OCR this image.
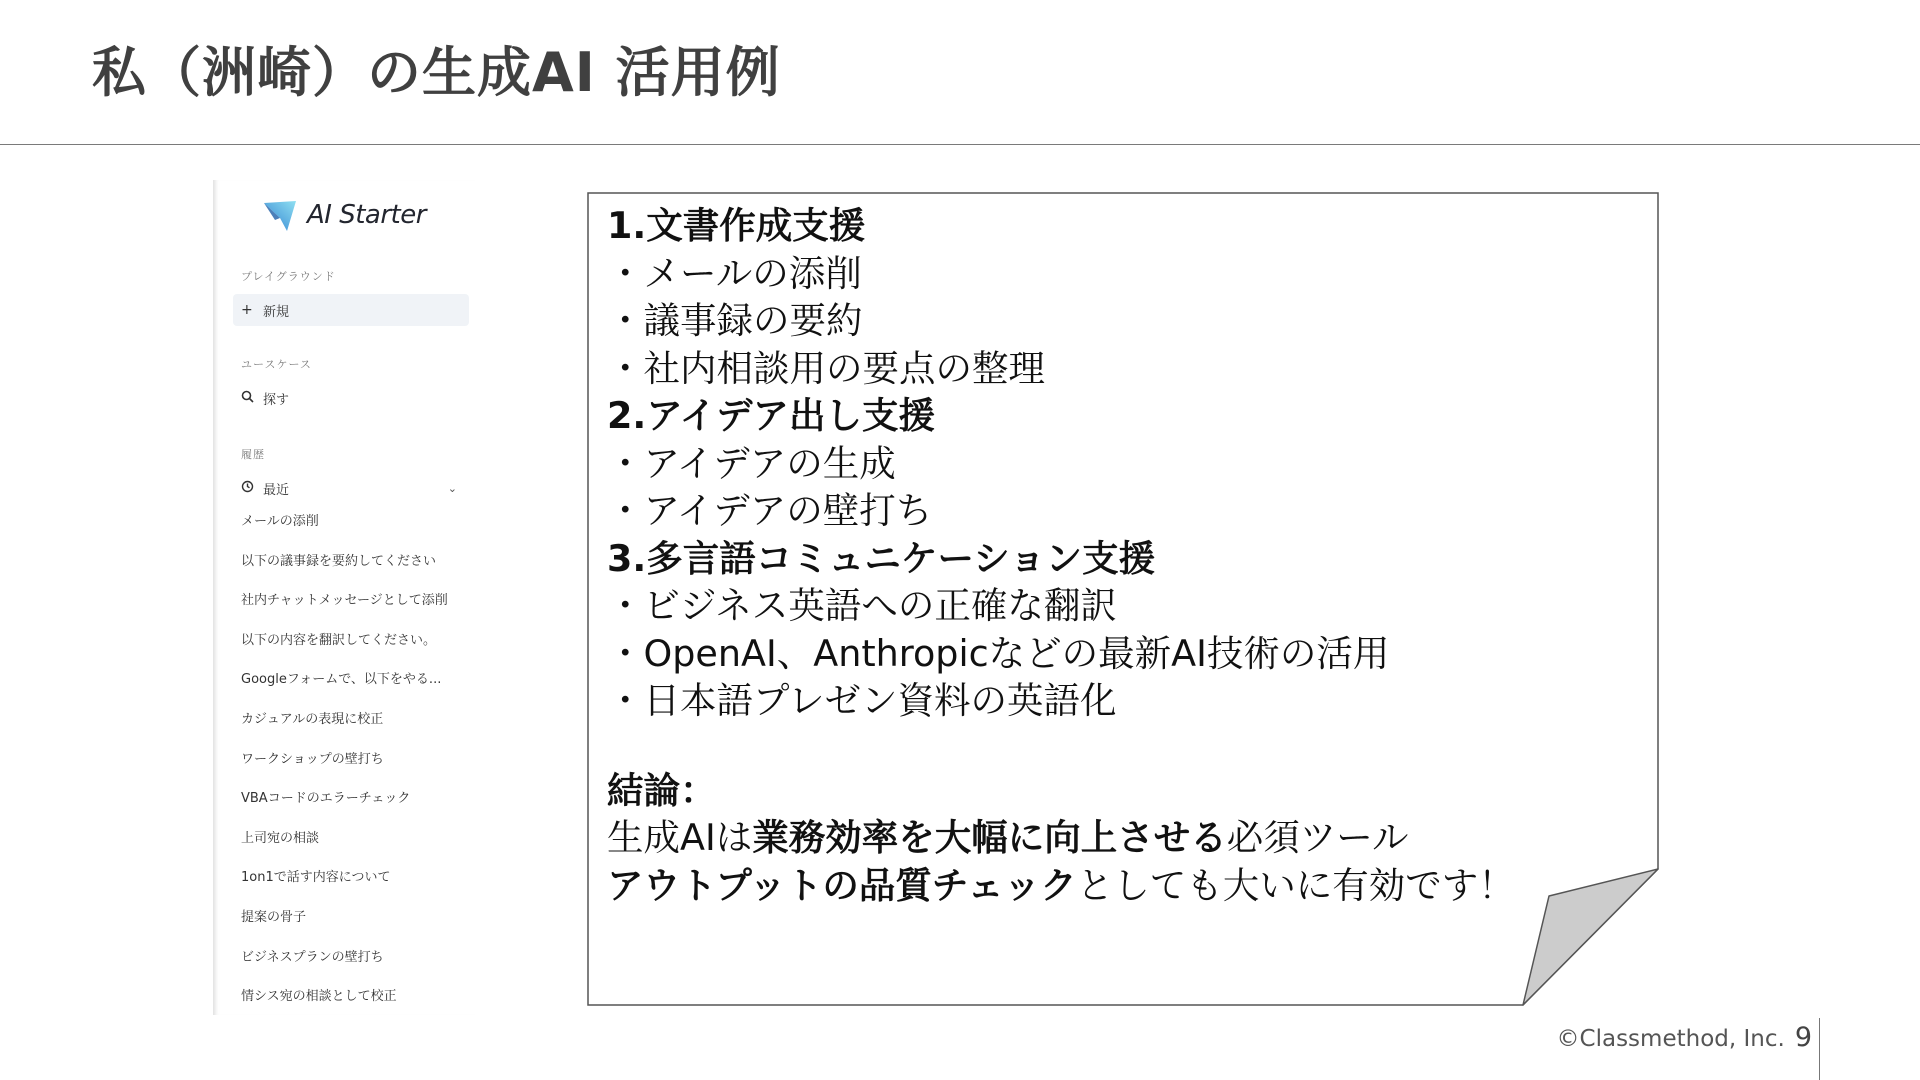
私（洲崎）の生成AI 活用例
AI Starter
プレイグラウンド
+ 新規
ユースケース
探す
履歴
最近	⌄
メールの添削
以下の議事録を要約してください
社内チャットメッセージとして添削
以下の内容を翻訳してください。
Googleフォームで、以下をやる...
カジュアルの表現に校正
ワークショップの壁打ち
VBAコードのエラーチェック
上司宛の相談
1on1で話す内容について
提案の骨子
ビジネスプランの壁打ち
情シス宛の相談として校正
1.文書作成支援
・メールの添削
・議事録の要約
・社内相談用の要点の整理
2.アイデア出し支援
・アイデアの生成
・アイデアの壁打ち
3.多言語コミュニケーション支援
・ビジネス英語への正確な翻訳
・OpenAI、Anthropicなどの最新AI技術の活用
・日本語プレゼン資料の英語化
結論：
生成AIは業務効率を大幅に向上させる必須ツール
アウトプットの品質チェックとしても大いに有効です！
©Classmethod, Inc. 9
